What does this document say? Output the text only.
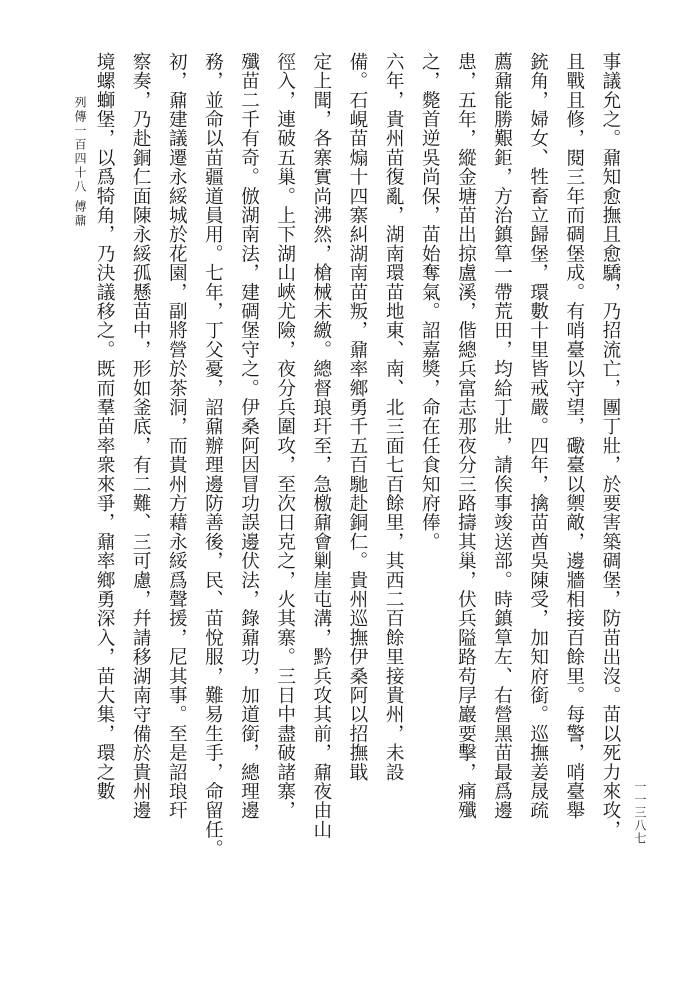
事議允之。鼐知愈撫且愈驕，乃招流亡，團丁壯，於要害築碉堡，防苗出沒。苗以死力來攻，
且戰且修，閱三年而碉堡成。有哨臺以守望，礮臺以禦敵，邊牆相接百餘里。每警，哨臺舉
銃角，婦女、牲畜立歸堡，環數十里皆戒嚴。四年，擒苗酋吳陳受，加知府銜。巡撫姜晟疏
薦鼐能勝艱鉅，方治鎮筸一帶荒田，均給丁壯，請俟事竣送部。時鎮筸左、右營黑苗最爲邊
患，五年，縱金塘苗出掠盧溪，偕總兵富志那夜分三路擣其巢，伏兵隘路苟㞌巖要擊，痛殲
之，斃首逆吳尚保，苗始奪氣。詔嘉獎，命在任食知府俸。
六年，貴州苗復亂，湖南環苗地東、南、北三面七百餘里，其西二百餘里接貴州，未設
備。石峴苗煽十四寨糾湖南苗叛，鼐率鄉勇千五百馳赴銅仁。貴州巡撫伊桑阿以招撫戢
定上聞，各寨實尚沸然，槍械未繳。總督琅玕至，急檄鼐會剿崖屯溝，黔兵攻其前，鼐夜由山
徑入，連破五巢。上下湖山峽尤險，夜分兵圍攻，至次日克之，火其寨。三日中盡破諸寨，
殲苗二千有奇。倣湖南法，建碉堡守之。伊桑阿因冒功誤邊伏法，錄鼐功，加道銜，總理邊
務，並命以苗疆道員用。七年，丁父憂，詔鼐辦理邊防善後，民、苗悅服，難易生手，命留任。
初，鼐建議遷永綏城於花園，副將營於茶洞，而貴州方藉永綏爲聲援，尼其事。至是詔琅玕
察奏，乃赴銅仁面陳永綏孤懸苗中，形如釜底，有二難、三可慮，幷請移湖南守備於貴州邊
境螺螄堡，以爲犄角，乃決議移之。既而羣苗率衆來爭，鼐率鄉勇深入，苗大集，環之數
列傳一百四十八 傅鼐
一一三八七
